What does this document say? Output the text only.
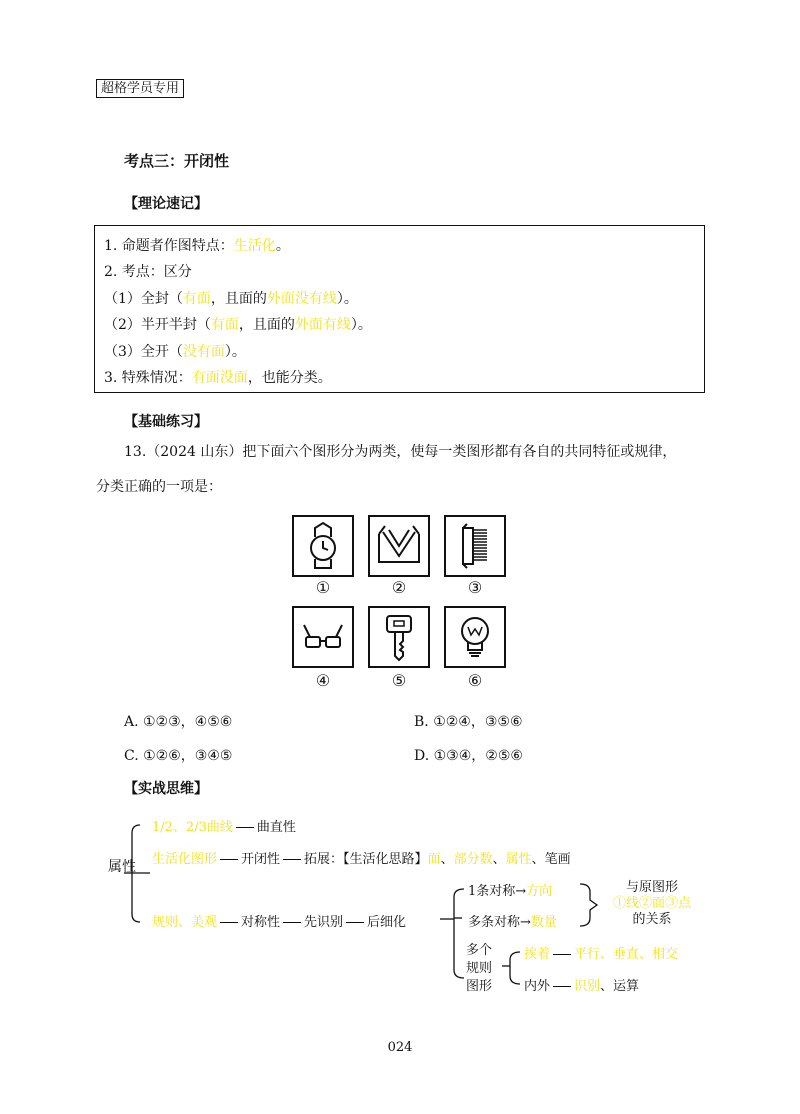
超格学员专用
考点三：开闭性
【理论速记】
1. 命题者作图特点：生活化。
2. 考点：区分
（1）全封（有面，且面的外面没有线）。
（2）半开半封（有面，且面的外面有线）。
（3）全开（没有面）。
3. 特殊情况：有面没面，也能分类。
【基础练习】
13.（2024 山东）把下面六个图形分为两类，使每一类图形都有各自的共同特征或规律，
分类正确的一项是：
①	②	③
④	⑤	⑥
A. ①②③，④⑤⑥	B. ①②④，③⑤⑥
C. ①②⑥，③④⑤	D. ①③④，②⑤⑥
【实战思维】
属性
1/2、2/3曲线 曲直性
生活化图形 开闭性 拓展：【生活化思路】面、部分数、属性、笔画
规则、美观 对称性 先识别 后细化
1条对称→方向
多条对称→数量
与原图形
①线②面③点
的关系
多个
规则
图形
挨着 平行、垂直、相交
内外 识别、运算
024
